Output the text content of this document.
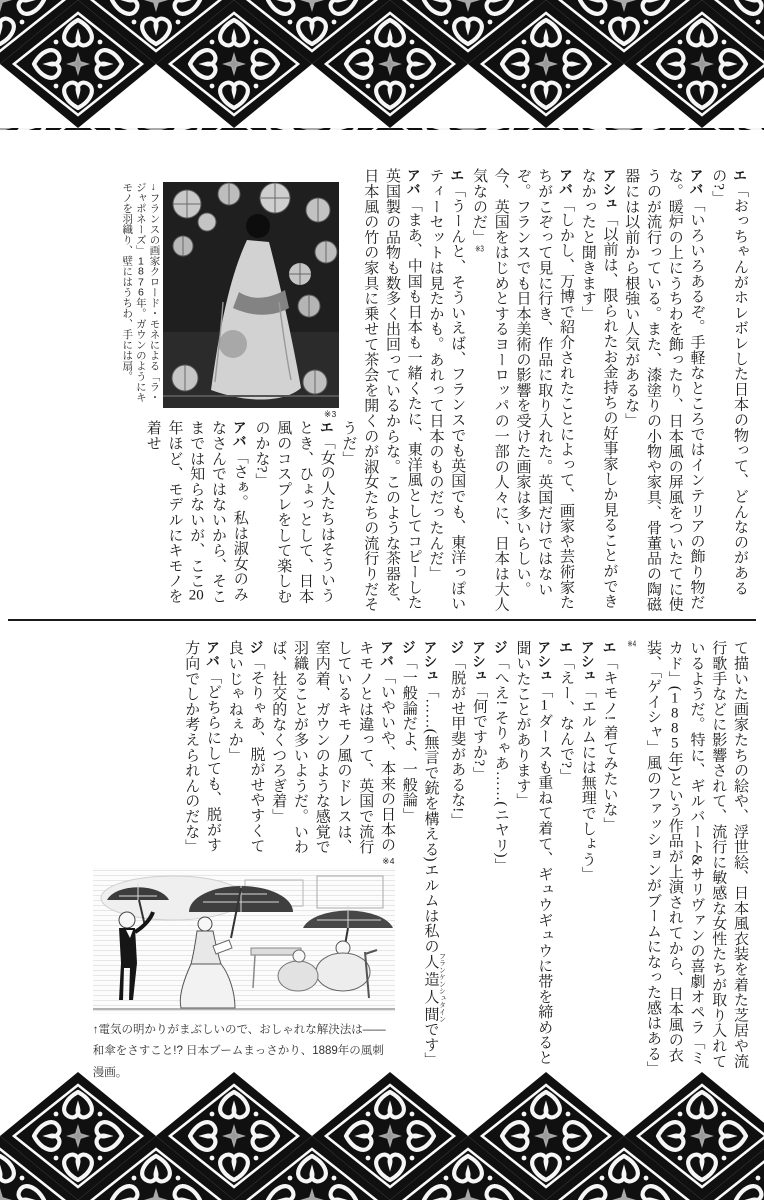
エ「おっちゃんがホレボレした日本の物って、どんなのがあるの?」

アバ「いろいろあるぞ。手軽なところではインテリアの飾り物だな。暖炉の上にうちわを飾ったり、日本風の屏風をついたてに使うのが流行っている。また、漆塗りの小物や家具、骨董品の陶磁器には以前から根強い人気があるな」

アシュ「以前は、限られたお金持ちの好事家しか見ることができなかったと聞きます」

アバ「しかし、万博で紹介されたことによって、画家や芸術家たちがこぞって見に行き、作品に取り入れた。英国だけではないぞ。フランスでも日本美術の影響を受けた画家は多いらしい。今、英国をはじめとするヨーロッパの一部の人々に、日本は大人気なのだ」※3

エ「うーんと、そういえば、フランスでも英国でも、東洋っぽいティーセットは見たかも。あれって日本のものだったんだ」

アバ「まあ、中国も日本も一緒くたに、東洋風としてコピーした英国製の品物も数多く出回っているからな。このような茶器を、日本風の竹の家具に乗せて茶会を開くのが淑女
→フランスの画家クロード・モネによる「ラ・ジャポネーズ」1876年。ガウンのようにキモノを羽織り、壁にはうちわ、手には扇。
※3
たちの流行りだそうだ」

エ「女の人たちはそういうとき、ひょっとして、日本風のコスプレをして楽しむのかな?」

アバ「さぁ。私は淑女のみなさんではないから、そこまでは知らないが、ここ20年ほど、モデルにキモノを着せ

て描いた画家たちの絵や、浮世絵、日本風衣装を着た芝居や流行歌手などに影響されて、流行に敏感な女性たちが取り入れているようだ。特に、ギルバート&サリヴァンの喜劇オペラ「ミカド」(1885年)という作品が上演されてから、日本風の衣装、「ゲイシャ」風のファッションがブームになった感はある」※4

エ「キモノ! 着てみたいな」

アシュ「エルムには無理でしょう」

エ「えー、なんで?」

アシュ「1ダースも重ねて着て、ギュウギュウに帯を締めると聞いたことがあります」

ジ「へえ! そりゃあ……(ニヤリ)」

アシュ「何ですか?」

ジ「脱がせ甲斐があるな!」

アシュ「……(無言で銃を構える)エルムは私の人造人間 フランケンシュタインです」

※4
↑電気の明かりがまぶしいので、おしゃれな解決法は――和傘をさすこと!? 日本ブームまっさかり、1889年の風刺漫画。

ジ「一般論だよ、一般論」

アバ「いやいや、本来の日本のキモノとは違って、英国で流行しているキモノ風のドレスは、室内着、ガウンのような感覚で羽織ることが多いようだ。いわば、社交的なくつろぎ着」

ジ「そりゃあ、脱がせやすくて良いじゃねぇか」

アバ「どちらにしても、脱がす方向でしか考えられんのだな」
